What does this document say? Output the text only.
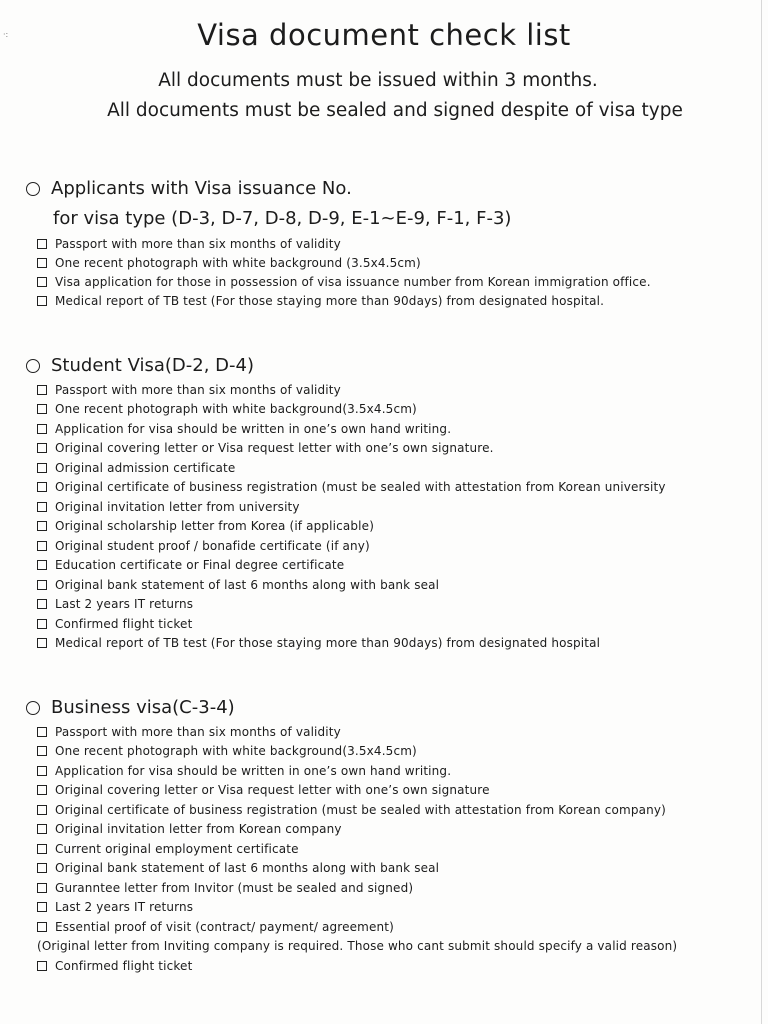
·:	Visa document check list
All documents must be issued within 3 months.
All documents must be sealed and signed despite of visa type
Applicants with Visa issuance No.
for visa type (D-3, D-7, D-8, D-9, E-1~E-9, F-1, F-3)
Passport with more than six months of validity
One recent photograph with white background (3.5x4.5cm)
Visa application for those in possession of visa issuance number from Korean immigration office.
Medical report of TB test (For those staying more than 90days) from designated hospital.
Student Visa(D-2, D-4)
Passport with more than six months of validity
One recent photograph with white background(3.5x4.5cm)
Application for visa should be written in one’s own hand writing.
Original covering letter or Visa request letter with one’s own signature.
Original admission certificate
Original certificate of business registration (must be sealed with attestation from Korean university
Original invitation letter from university
Original scholarship letter from Korea (if applicable)
Original student proof / bonafide certificate (if any)
Education certificate or Final degree certificate
Original bank statement of last 6 months along with bank seal
Last 2 years IT returns
Confirmed flight ticket
Medical report of TB test (For those staying more than 90days) from designated hospital
Business visa(C-3-4)
Passport with more than six months of validity
One recent photograph with white background(3.5x4.5cm)
Application for visa should be written in one’s own hand writing.
Original covering letter or Visa request letter with one’s own signature
Original certificate of business registration (must be sealed with attestation from Korean company)
Original invitation letter from Korean company
Current original employment certificate
Original bank statement of last 6 months along with bank seal
Guranntee letter from Invitor (must be sealed and signed)
Last 2 years IT returns
Essential proof of visit (contract/ payment/ agreement)
(Original letter from Inviting company is required. Those who cant submit should specify a valid reason)
Confirmed flight ticket
